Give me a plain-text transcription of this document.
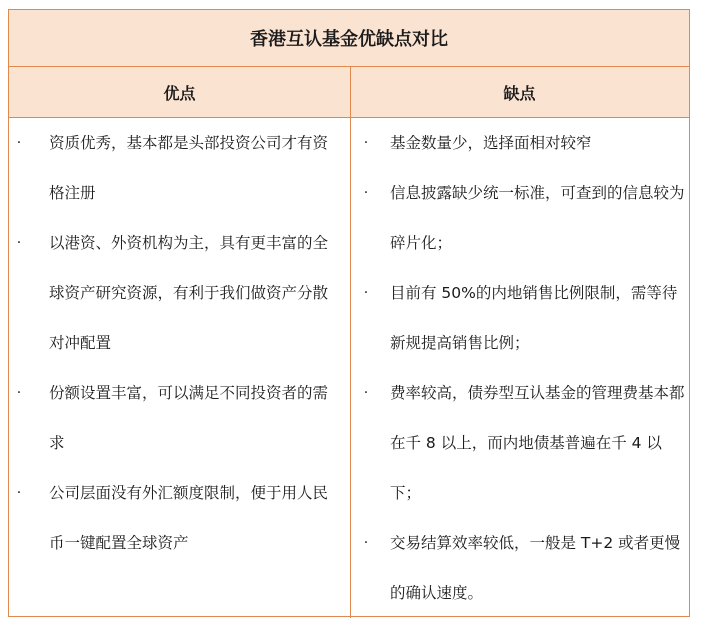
香港互认基金优缺点对比
优点	缺点
· 资质优秀，基本都是头部投资公司才有资格注册
· 以港资、外资机构为主，具有更丰富的全球资产研究资源，有利于我们做资产分散对冲配置
· 份额设置丰富，可以满足不同投资者的需求
· 公司层面没有外汇额度限制，便于用人民币一键配置全球资产
· 基金数量少，选择面相对较窄
· 信息披露缺少统一标准，可查到的信息较为碎片化；
· 目前有 50%的内地销售比例限制，需等待新规提高销售比例；
· 费率较高，债券型互认基金的管理费基本都在千 8 以上，而内地债基普遍在千 4 以下；
· 交易结算效率较低，一般是 T+2 或者更慢的确认速度。
